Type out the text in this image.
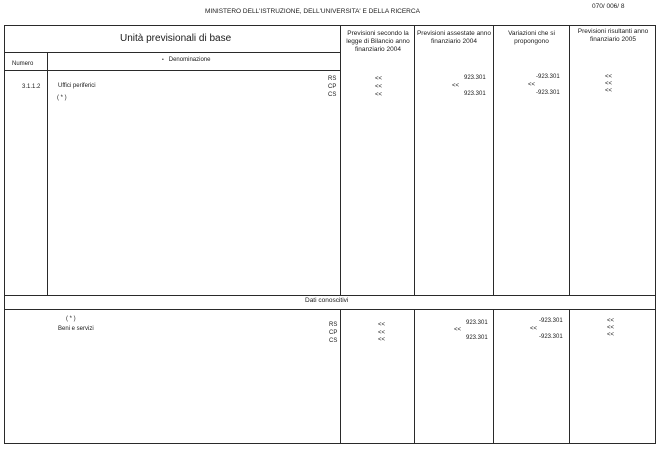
MINISTERO DELL'ISTRUZIONE, DELL'UNIVERSITA' E DELLA RICERCA
070/ 006/ 8
Unità previsionali di base
Numero
• Denominazione
Previsioni secondo la legge di Bilancio anno finanziario 2004
Previsioni assestate anno finanziario 2004
Variazioni che si propongono
Previsioni risultanti anno finanziario 2005
3.1.1.2	Uffici periferici
( * )
RS
CP
CS
<<
<<
<<
923.301
<<
923.301
-923.301
<<
-923.301
<<
<<
<<
Dati conoscitivi
( * )
Beni e servizi
RS
CP
CS
<<
<<
<<
923.301
<<
923.301
-923.301
<<
-923.301
<<
<<
<<
